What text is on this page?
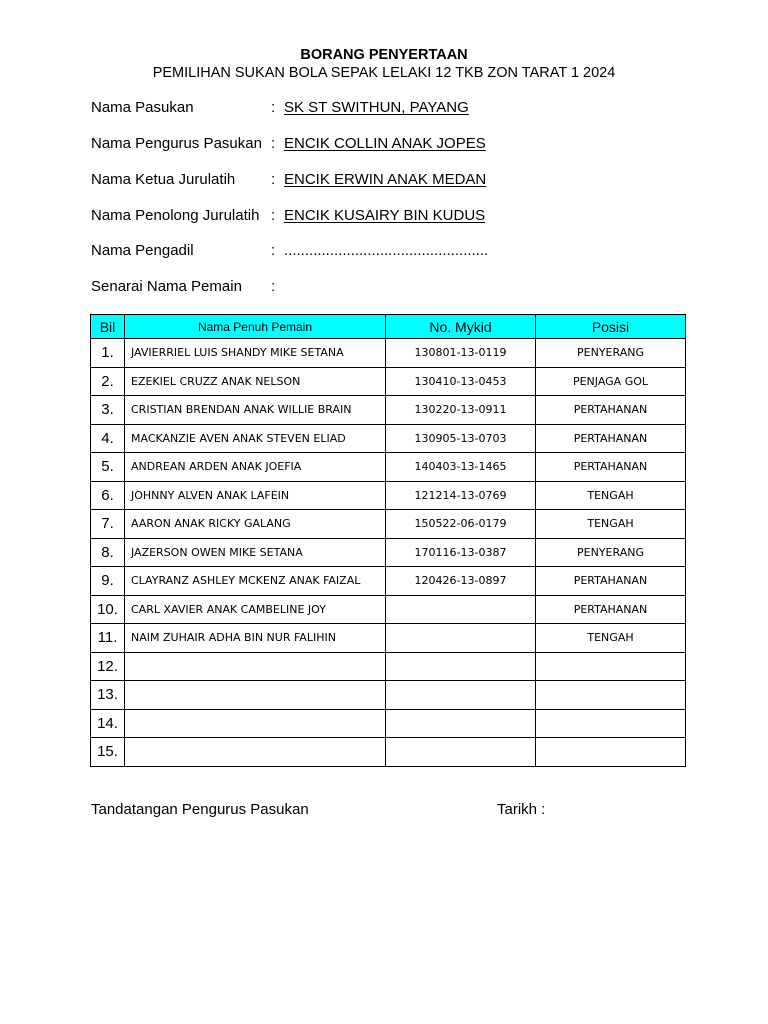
BORANG PENYERTAAN
PEMILIHAN SUKAN BOLA SEPAK LELAKI 12 TKB ZON TARAT 1 2024
Nama Pasukan	: SK ST SWITHUN, PAYANG
Nama Pengurus Pasukan : ENCIK COLLIN ANAK JOPES
Nama Ketua Jurulatih : ENCIK ERWIN ANAK MEDAN
Nama Penolong Jurulatih : ENCIK KUSAIRY BIN KUDUS
Nama Pengadil	: .................................................
Senarai Nama Pemain :
Bil	Nama Penuh Pemain	No. Mykid	Posisi
1.	JAVIERRIEL LUIS SHANDY MIKE SETANA	130801-13-0119	PENYERANG
2.	EZEKIEL CRUZZ ANAK NELSON	130410-13-0453	PENJAGA GOL
3.	CRISTIAN BRENDAN ANAK WILLIE BRAIN	130220-13-0911	PERTAHANAN
4.	MACKANZIE AVEN ANAK STEVEN ELIAD	130905-13-0703	PERTAHANAN
5.	ANDREAN ARDEN ANAK JOEFIA	140403-13-1465	PERTAHANAN
6.	JOHNNY ALVEN ANAK LAFEIN	121214-13-0769	TENGAH
7.	AARON ANAK RICKY GALANG	150522-06-0179	TENGAH
8.	JAZERSON OWEN MIKE SETANA	170116-13-0387	PENYERANG
9.	CLAYRANZ ASHLEY MCKENZ ANAK FAIZAL	120426-13-0897	PERTAHANAN
10.	CARL XAVIER ANAK CAMBELINE JOY		PERTAHANAN
11.	NAIM ZUHAIR ADHA BIN NUR FALIHIN		TENGAH
12.			
13.			
14.			
15.			
Tandatangan Pengurus Pasukan	Tarikh :
